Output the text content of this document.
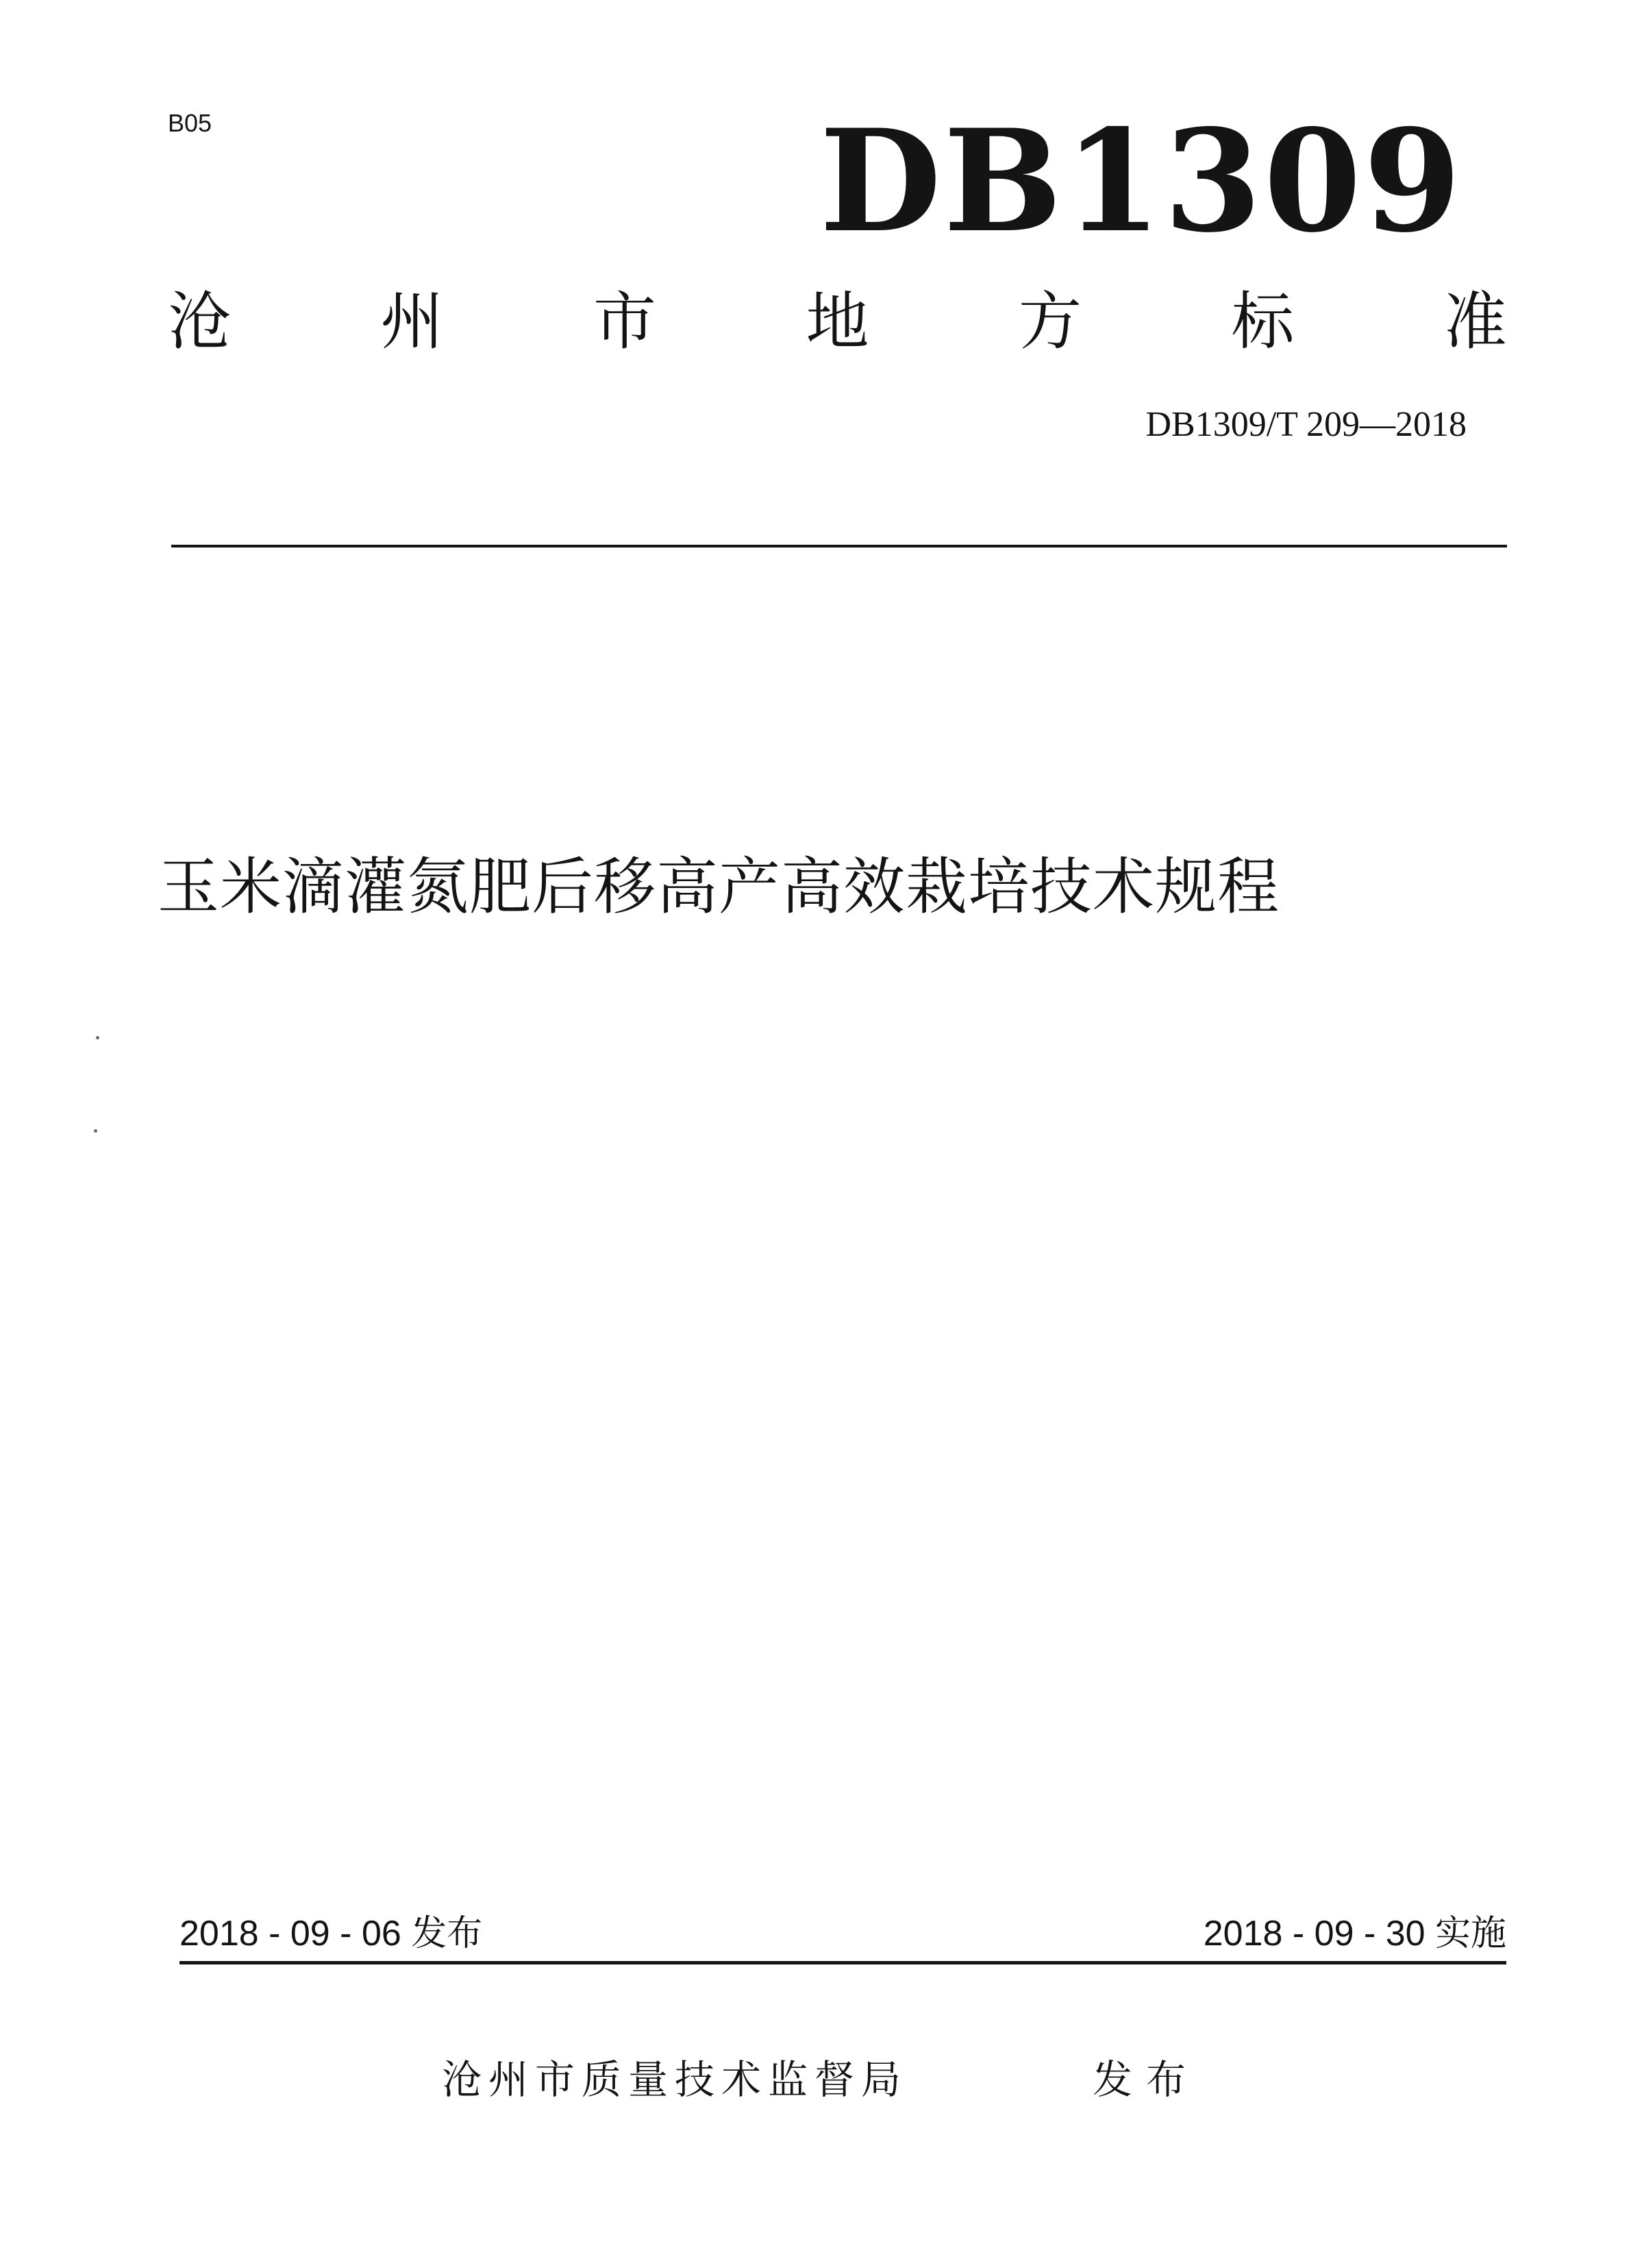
B05	DB1309
沧 州 市 地 方 标 准
DB1309/T 209—2018
玉米滴灌氮肥后移高产高效栽培技术规程
2018 - 09 - 06 发布	2018 - 09 - 30 实施
沧州市质量技术监督局	发布
